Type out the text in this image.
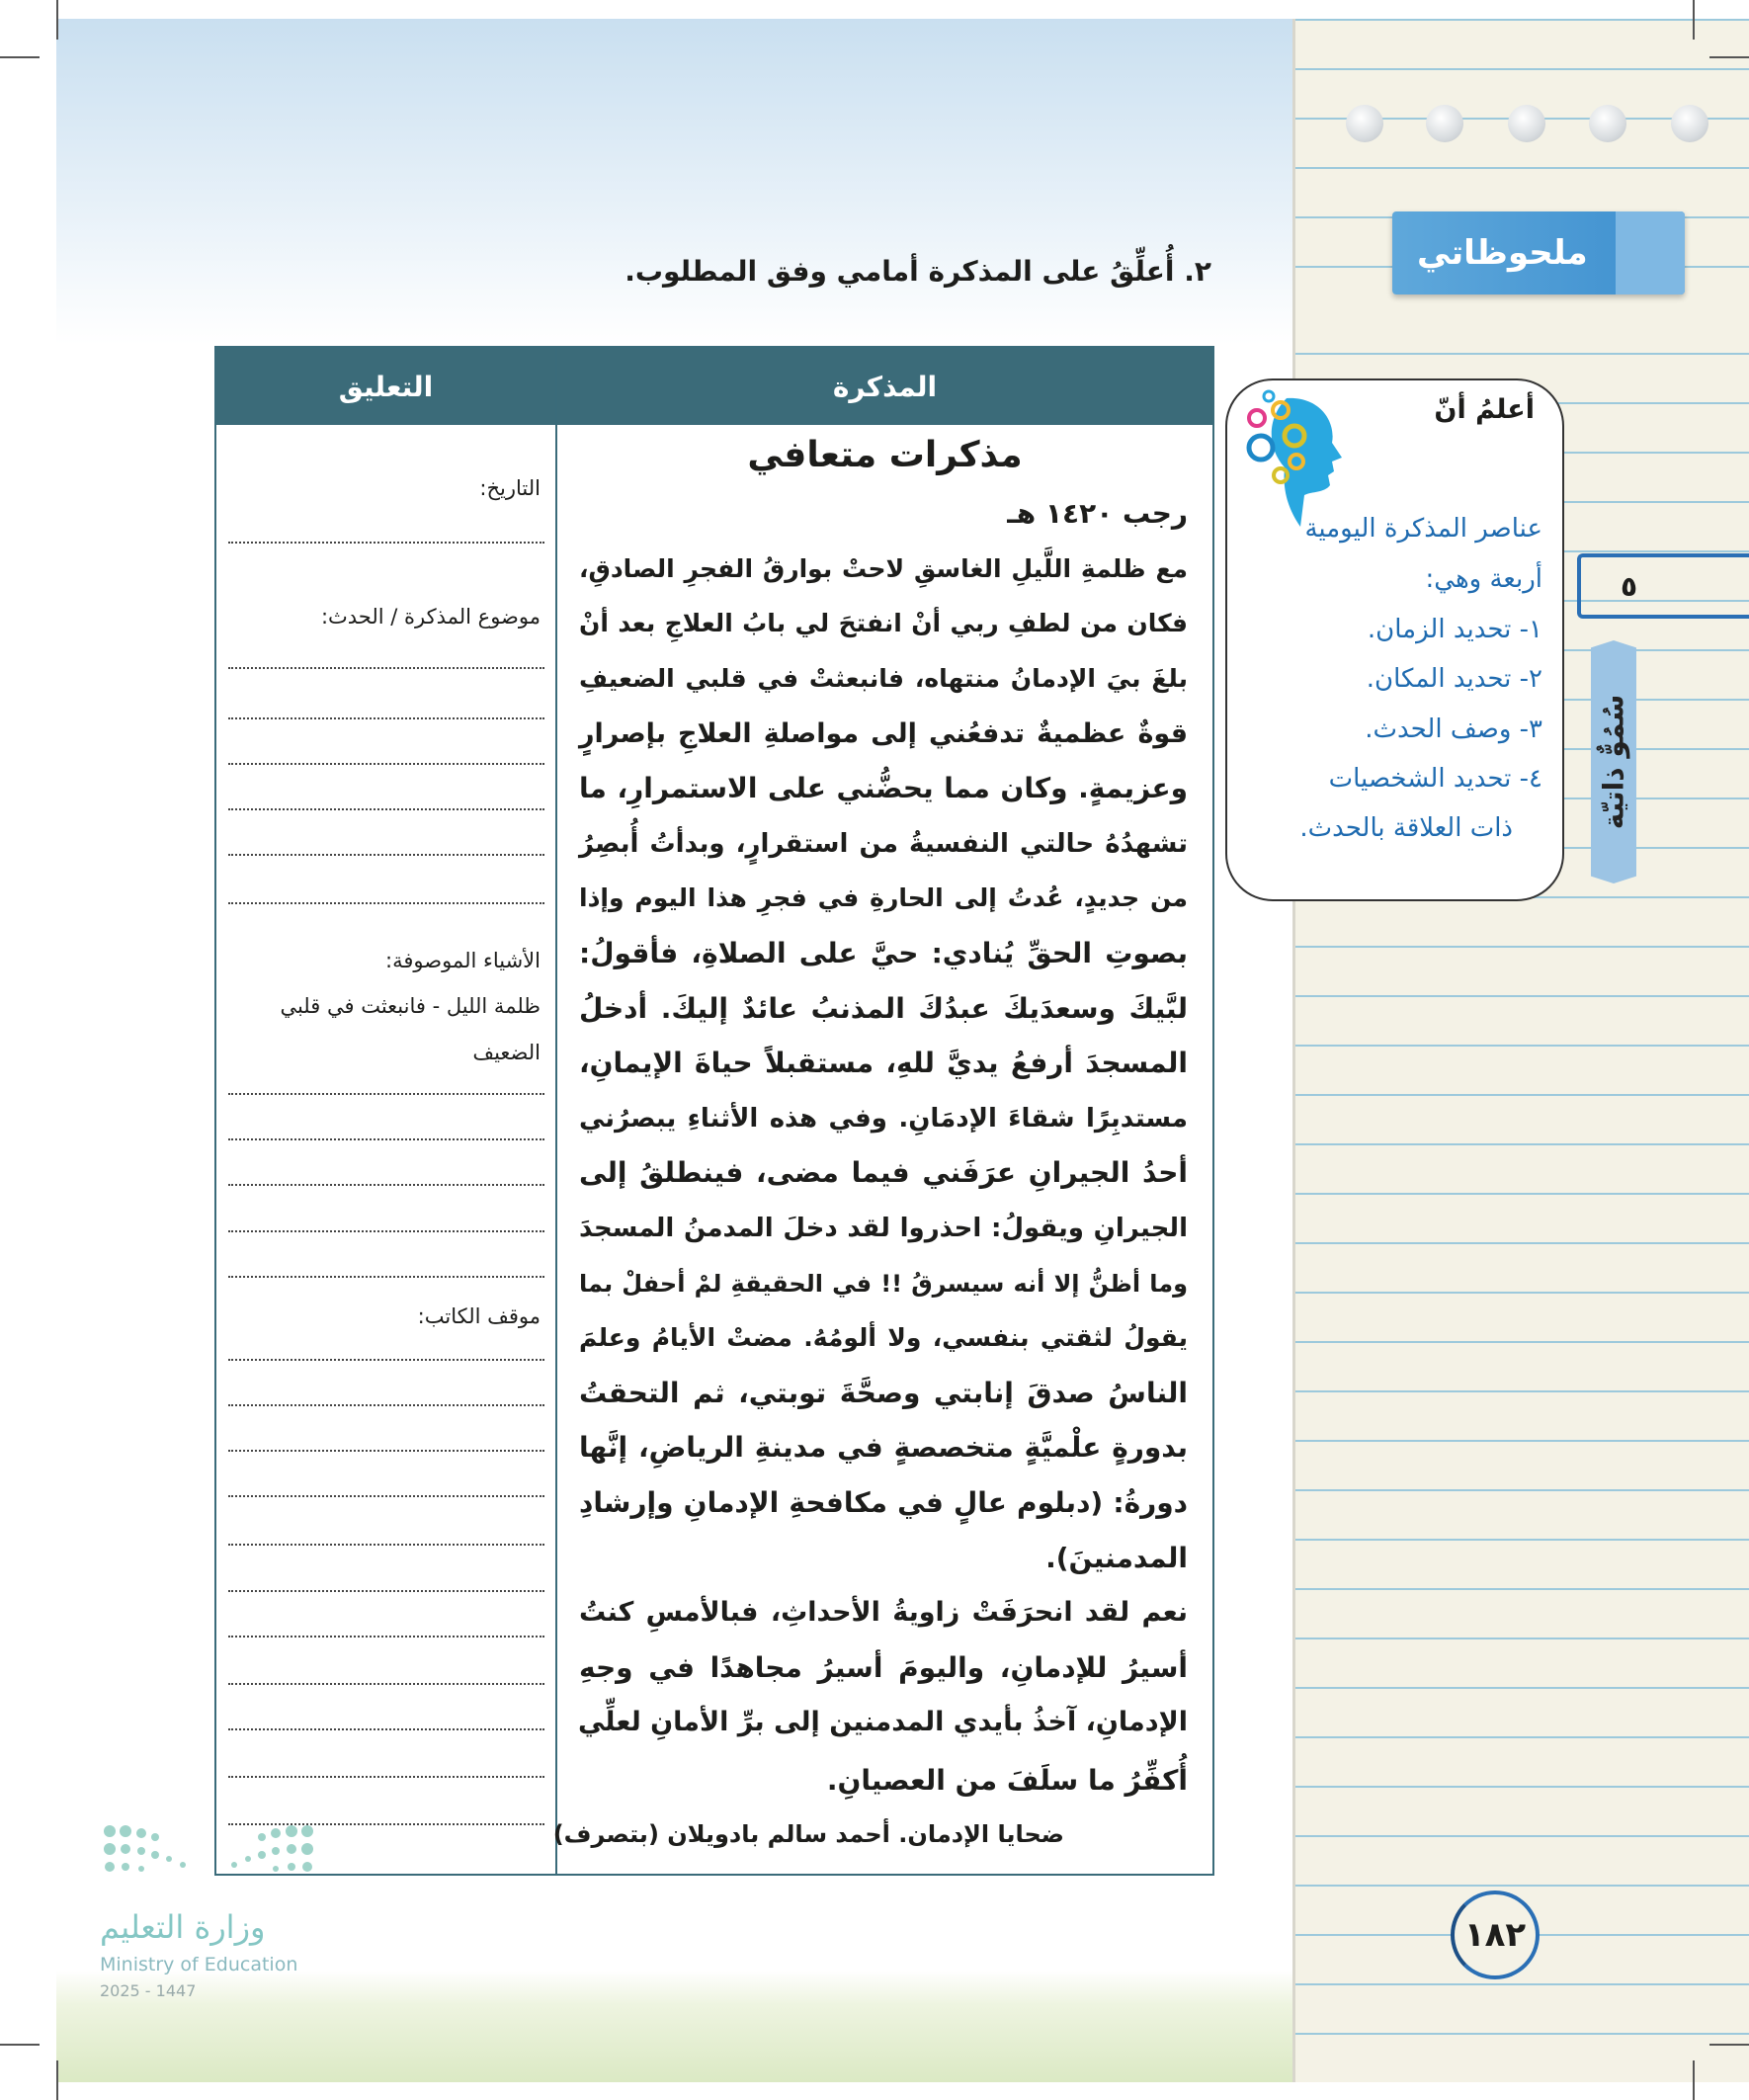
ملحوظاتي
٢. أُعلِّقُ على المذكرة أمامي وفق المطلوب.
المذكرة
التعليق
مذكرات متعافي
رجب ١٤٢٠ هـ
مع ظلمةِ اللَّيلِ الغاسقِ لاحتْ بوارقُ الفجرِ الصادقِ،
فكان من لطفِ ربي أنْ انفتحَ لي بابُ العلاجِ بعد أنْ
بلغَ بيَ الإدمانُ منتهاه، فانبعثتْ في قلبي الضعيفِ
قوةٌ عظميةٌ تدفعُني إلى مواصلةِ العلاجِ بإصرارٍ
وعزيمةٍ. وكان مما يحضُّني على الاستمرارِ، ما
تشهدُهُ حالتي النفسيةُ من استقرارٍ، وبدأتُ أُبصِرُ
من جديدٍ، عُدتُ إلى الحارةِ في فجرِ هذا اليوم وإذا
بصوتِ الحقِّ يُنادي: حيَّ على الصلاةِ، فأقولُ:
لبَّيكَ وسعدَيكَ عبدُكَ المذنبُ عائدٌ إليكَ. أدخلُ
المسجدَ أرفعُ يديَّ للهِ، مستقبلاً حياةَ الإيمانِ،
مستدبِرًا شقاءَ الإدمَانِ. وفي هذه الأثناءِ يبصرُني
أحدُ الجيرانِ عرَفَني فيما مضى، فينطلقُ إلى
الجيرانِ ويقولُ: احذروا لقد دخلَ المدمنُ المسجدَ
وما أظنُّ إلا أنه سيسرقُ !! في الحقيقةِ لمْ أحفلْ بما
يقولُ لثقتي بنفسي، ولا ألومُهُ. مضتْ الأيامُ وعلمَ
الناسُ صدقَ إنابتي وصحَّةَ توبتي، ثم التحقتُ
بدورةٍ علْميَّةٍ متخصصةٍ في مدينةِ الرياضِ، إنَّها
دورةُ: (دبلوم عالٍ في مكافحةِ الإدمانِ وإرشادِ
المدمنينَ).
نعم لقد انحرَفَتْ زاويةُ الأحداثِ، فبالأمسِ كنتُ
أسيرُ للإدمانِ، واليومَ أسيرُ مجاهدًا في وجهِ
الإدمانِ، آخذُ بأيدي المدمنين إلى برِّ الأمانِ لعلِّي
أُكفِّرُ ما سلَفَ من العصيانِ.
ضحايا الإدمان. أحمد سالم بادويلان (بتصرف)
التاريخ:
موضوع المذكرة / الحدث:
الأشياء الموصوفة:
ظلمة الليل - فانبعثت في قلبي
الضعيف
موقف الكاتب:
أعلمُ أنّ
عناصر المذكرة اليومية
أربعة وهي:
١- تحديد الزمان.
٢- تحديد المكان.
٣- وصف الحدث.
٤- تحديد الشخصيات
ذات العلاقة بالحدث.
٥
سُمُوٌّ ذاتيّة
١٨٢
وزارة التعليم
Ministry of Education
2025 - 1447
